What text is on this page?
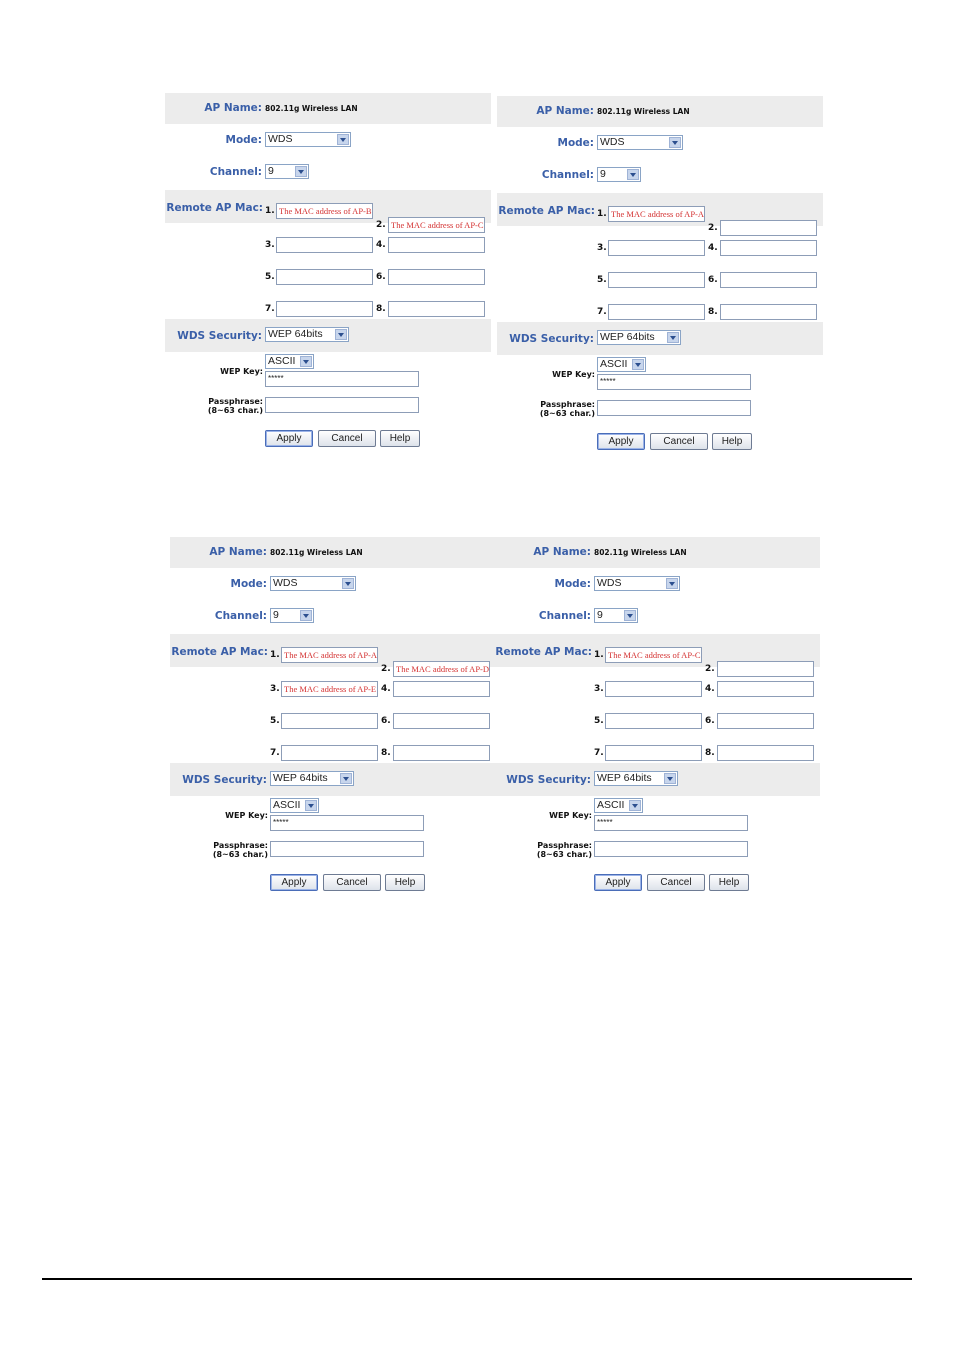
AP Name: 802.11g Wireless LAN
Mode: WDS
Channel: 9
Remote AP Mac: 1. The MAC address of AP-B
2. The MAC address of AP-C
3.	4.
5.	6.
7.	8.
WDS Security: WEP 64bits
ASCII
WEP Key:
*****
Passphrase:
(8~63 char.)
Apply	Cancel	Help
AP Name: 802.11g Wireless LAN
Mode: WDS
Channel: 9
Remote AP Mac: 1. The MAC address of AP-A
2.
3.	4.
5.	6.
7.	8.
WDS Security: WEP 64bits
ASCII
WEP Key:
*****
Passphrase:
(8~63 char.)
Apply	Cancel	Help
AP Name: 802.11g Wireless LAN
Mode: WDS
Channel: 9
Remote AP Mac: 1. The MAC address of AP-A
2. The MAC address of AP-D
3. The MAC address of AP-E 4.
5.	6.
7.	8.
WDS Security: WEP 64bits
ASCII
WEP Key:
*****
Passphrase:
(8~63 char.)
Apply	Cancel	Help
AP Name: 802.11g Wireless LAN
Mode: WDS
Channel: 9
Remote AP Mac: 1. The MAC address of AP-C
2.
3.	4.
5.	6.
7.	8.
WDS Security: WEP 64bits
ASCII
WEP Key:
*****
Passphrase:
(8~63 char.)
Apply	Cancel	Help
